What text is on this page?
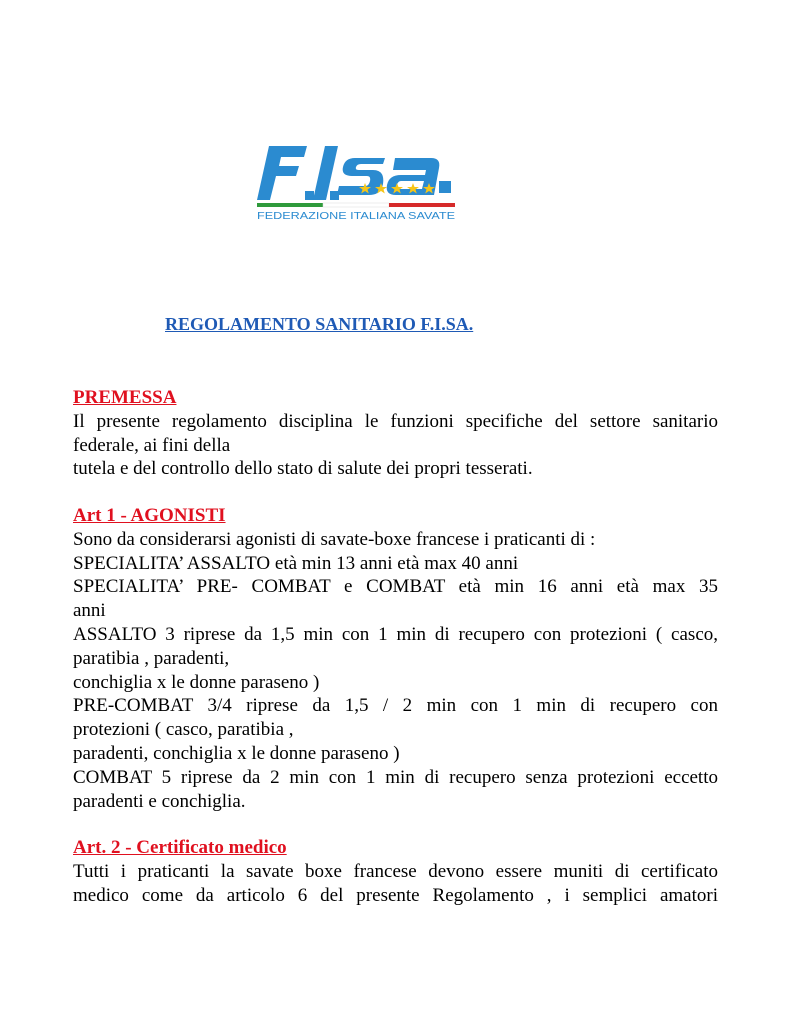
FEDERAZIONE ITALIANA SAVATE
REGOLAMENTO SANITARIO F.I.SA.
PREMESSA
Il presente regolamento disciplina le funzioni specifiche del settore sanitario
federale, ai fini della
tutela e del controllo dello stato di salute dei propri tesserati.
Art 1 - AGONISTI
Sono da considerarsi agonisti di savate-boxe francese i praticanti di :
SPECIALITA’ ASSALTO età min 13 anni età max 40 anni
SPECIALITA’ PRE- COMBAT e COMBAT età min 16 anni età max 35
anni
ASSALTO 3 riprese da 1,5 min con 1 min di recupero con protezioni ( casco,
paratibia , paradenti,
conchiglia x le donne paraseno )
PRE-COMBAT 3/4 riprese da 1,5 / 2 min con 1 min di recupero con
protezioni ( casco, paratibia ,
paradenti, conchiglia x le donne paraseno )
COMBAT 5 riprese da 2 min con 1 min di recupero senza protezioni eccetto
paradenti e conchiglia.
Art. 2 - Certificato medico
Tutti i praticanti la savate boxe francese devono essere muniti di certificato
medico come da articolo 6 del presente Regolamento , i semplici amatori
